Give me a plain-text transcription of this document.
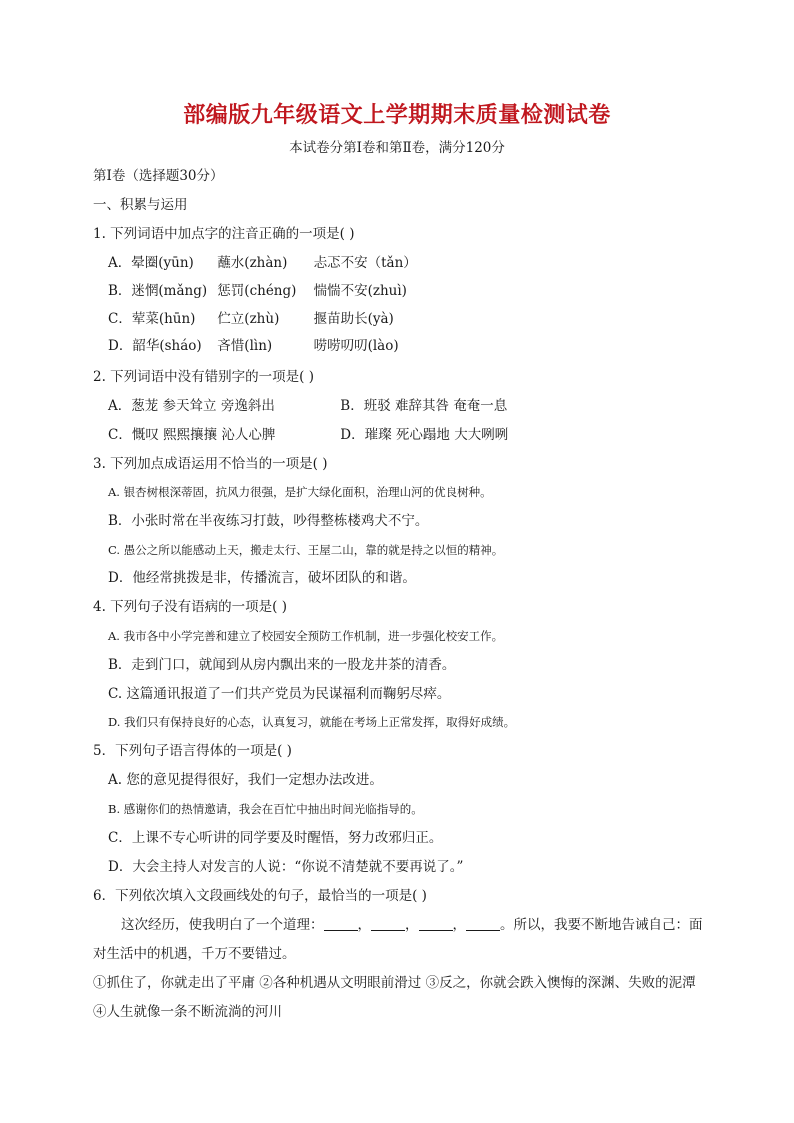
部编版九年级语文上学期期末质量检测试卷
本试卷分第Ⅰ卷和第Ⅱ卷，满分120分
第Ⅰ卷（选择题30分）
一、积累与运用
1. 下列词语中加点字的注音正确的一项是( )
A．晕圈(yūn) 蘸水(zhàn) 忐忑不安（tǎn）
B．迷惘(mǎng) 惩罚(chéng) 惴惴不安(zhuì)
C．荤菜(hūn) 伫立(zhù)	揠苗助长(yà)
D．韶华(sháo) 吝惜(lìn)	唠唠叨叨(lào)
2. 下列词语中没有错别字的一项是( )
A．葱茏 参天耸立 旁逸斜出	B．班驳 难辞其咎 奄奄一息
C．慨叹 熙熙攘攘 沁人心脾	D．璀璨 死心蹋地 大大咧咧
3. 下列加点成语运用不恰当的一项是( )
A. 银杏树根深蒂固，抗风力很强，是扩大绿化面积，治理山河的优良树种。
B．小张时常在半夜练习打鼓，吵得整栋楼鸡犬不宁。
C. 愚公之所以能感动上天，搬走太行、王屋二山，靠的就是持之以恒的精神。
D．他经常挑拨是非，传播流言，破坏团队的和谐。
4. 下列句子没有语病的一项是( )
A. 我市各中小学完善和建立了校园安全预防工作机制，进一步强化校安工作。
B．走到门口，就闻到从房内飘出来的一股龙井茶的清香。
C. 这篇通讯报道了一们共产党员为民谋福利而鞠躬尽瘁。
D. 我们只有保持良好的心态，认真复习，就能在考场上正常发挥，取得好成绩。
5．下列句子语言得体的一项是( )
A. 您的意见提得很好，我们一定想办法改进。
B. 感谢你们的热情邀请，我会在百忙中抽出时间光临指导的。
C．上课不专心听讲的同学要及时醒悟，努力改邪归正。
D．大会主持人对发言的人说：“你说不清楚就不要再说了。”
6．下列依次填入文段画线处的句子，最恰当的一项是( )
这次经历，使我明白了一个道理：	，	，	，	。所以，我要不断地告诫自己：面对生活中的机遇，千万不要错过。
①抓住了，你就走出了平庸 ②各种机遇从文明眼前滑过 ③反之，你就会跌入懊悔的深渊、失败的泥潭 ④人生就像一条不断流淌的河川
